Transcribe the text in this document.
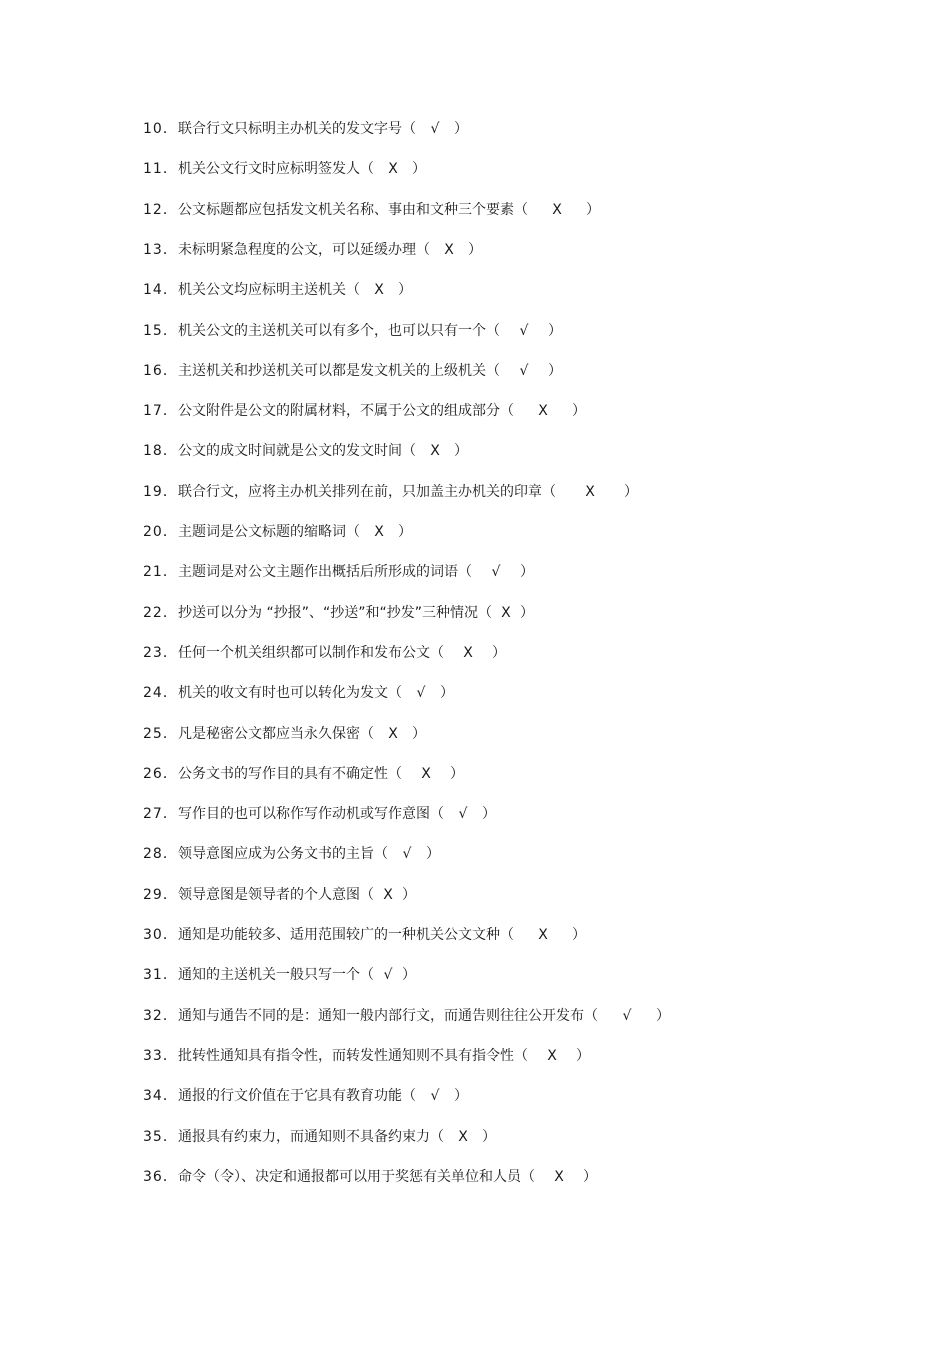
10．联合行文只标明主办机关的发文字号（ √ ）
11．机关公文行文时应标明签发人（ X ）
12．公文标题都应包括发文机关名称、事由和文种三个要素（ X ）
13．未标明紧急程度的公文，可以延缓办理（ X ）
14．机关公文均应标明主送机关（ X ）
15．机关公文的主送机关可以有多个，也可以只有一个（ √ ）
16．主送机关和抄送机关可以都是发文机关的上级机关（ √ ）
17．公文附件是公文的附属材料，不属于公文的组成部分（ X ）
18．公文的成文时间就是公文的发文时间（ X ）
19．联合行文，应将主办机关排列在前，只加盖主办机关的印章（ X ）
20．主题词是公文标题的缩略词（ X ）
21．主题词是对公文主题作出概括后所形成的词语（ √ ）
22．抄送可以分为 “抄报”、“抄送”和“抄发”三种情况（ X ）
23．任何一个机关组织都可以制作和发布公文（ X ）
24．机关的收文有时也可以转化为发文（ √ ）
25．凡是秘密公文都应当永久保密（ X ）
26．公务文书的写作目的具有不确定性（ X ）
27．写作目的也可以称作写作动机或写作意图（ √ ）
28．领导意图应成为公务文书的主旨（ √ ）
29．领导意图是领导者的个人意图（ X ）
30．通知是功能较多、适用范围较广的一种机关公文文种（ X ）
31．通知的主送机关一般只写一个（ √ ）
32．通知与通告不同的是：通知一般内部行文，而通告则往往公开发布（ √ ）
33．批转性通知具有指令性，而转发性通知则不具有指令性（ X ）
34．通报的行文价值在于它具有教育功能（ √ ）
35．通报具有约束力，而通知则不具备约束力（ X ）
36．命令（令）、决定和通报都可以用于奖惩有关单位和人员（ X ）
